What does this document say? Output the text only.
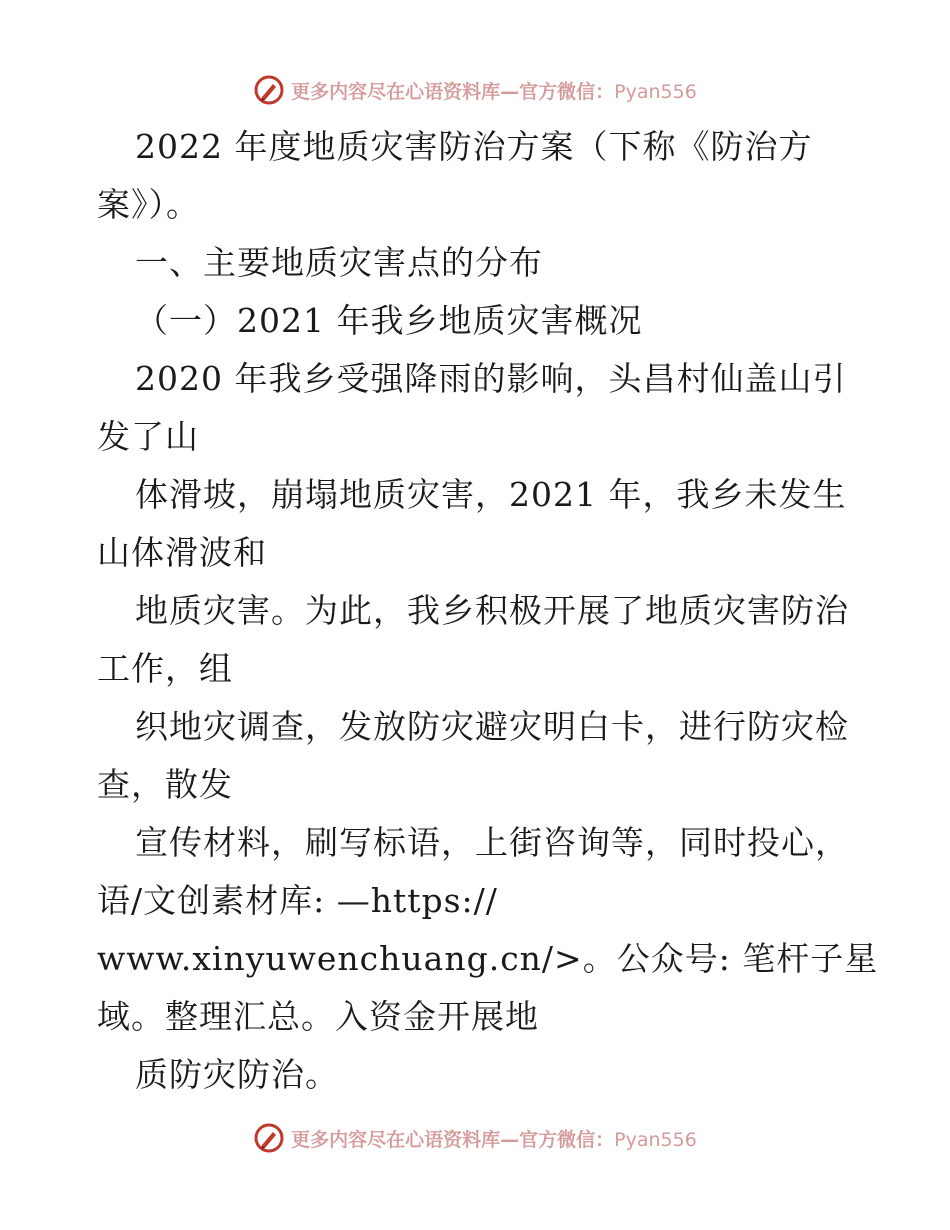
更多内容尽在心语资料库—官方微信：Pyan556
2022 年度地质灾害防治方案（下称《防治方
案》）。
一、主要地质灾害点的分布
（一）2021 年我乡地质灾害概况
2020 年我乡受强降雨的影响，头昌村仙盖山引
发了山
体滑坡，崩塌地质灾害，2021 年，我乡未发生
山体滑波和
地质灾害。为此，我乡积极开展了地质灾害防治
工作，组
织地灾调查，发放防灾避灾明白卡，进行防灾检
查，散发
宣传材料，刷写标语，上街咨询等，同时投心，
语/文创素材库: —https://
www.xinyuwenchuang.cn/>。公众号: 笔杆子星
域。整理汇总。入资金开展地
质防灾防治。
更多内容尽在心语资料库—官方微信：Pyan556
